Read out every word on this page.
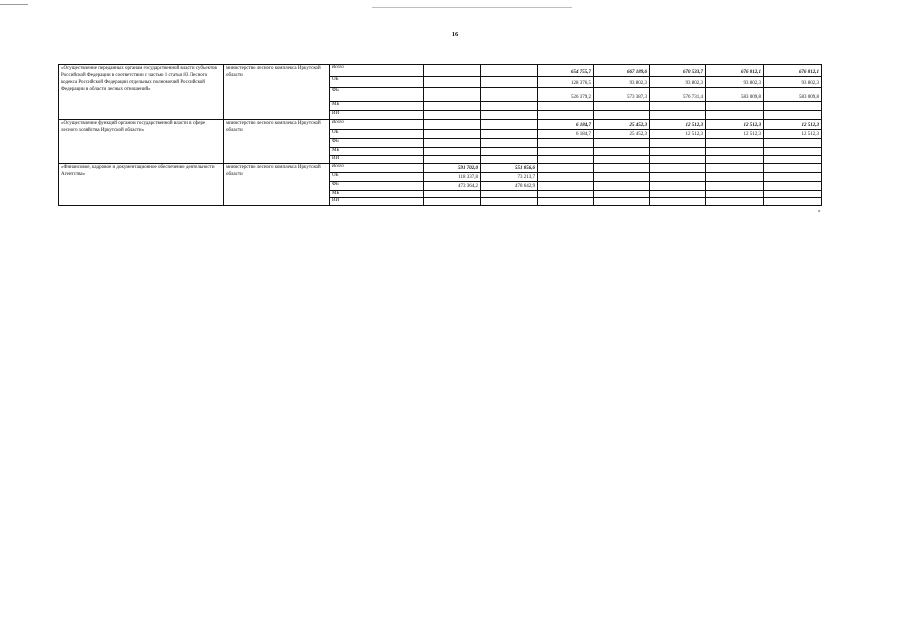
16
«Осуществление переданных органам государственной власти субъектов Российской Федерации в соответствии с частью 1 статьи 83 Лесного кодекса Российской Федерации отдельных полномочий Российской Федерации в области лесных отношений»	министерство лесного комплекса Иркутской области	Всего			654 755,7	667 189,6	670 533,7	676 812,1	676 812,1
		ОБ			128 376,5	93 802,3	93 802,3	93 802,3	93 802,3
		ФБ			526 379,2	573 387,3	576 731,4	583 009,8	583 009,8
		МБ							
		ИИ							
«Осуществление функций органом государственной власти в сфере лесного хозяйства Иркутской области»	министерство лесного комплекса Иркутской области	Всего			6 184,7	25 452,3	12 512,3	12 512,3	12 512,3
		ОБ			6 184,7	25 452,3	12 512,3	12 512,3	12 512,3
		ФБ							
		МБ							
		ИИ							
«Финансовое, кадровое и документационное обеспечение деятельности Агентства»	министерство лесного комплекса Иркутской области	Всего	591 702,0	551 856,6					
		ОБ	118 337,8	73 213,7					
		ФБ	473 364,2	478 642,9					
		МБ							
		ИИ							
»
